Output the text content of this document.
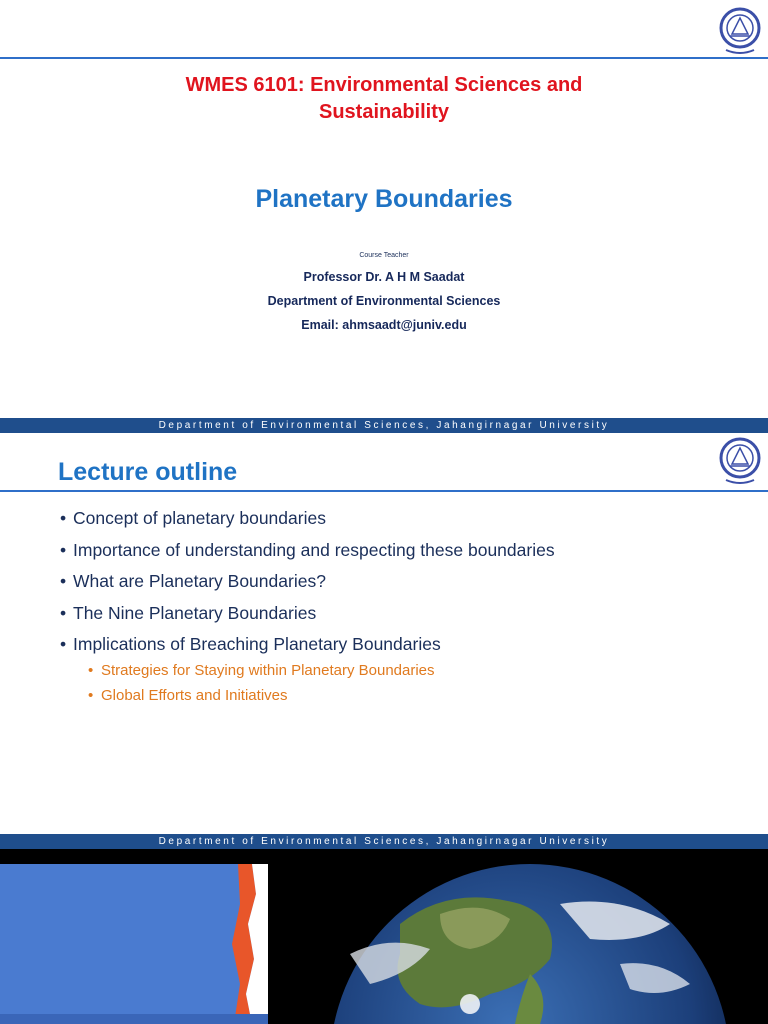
WMES 6101: Environmental Sciences and
Sustainability
Planetary Boundaries
Course Teacher
Professor Dr. A H M Saadat
Department of Environmental Sciences
Email: ahmsaadt@juniv.edu
Department of Environmental Sciences, Jahangirnagar University
Lecture outline
• Concept of planetary boundaries
• Importance of understanding and respecting these boundaries
• What are Planetary Boundaries?
• The Nine Planetary Boundaries
• Implications of Breaching Planetary Boundaries
• Strategies for Staying within Planetary Boundaries
• Global Efforts and Initiatives
Department of Environmental Sciences, Jahangirnagar University
